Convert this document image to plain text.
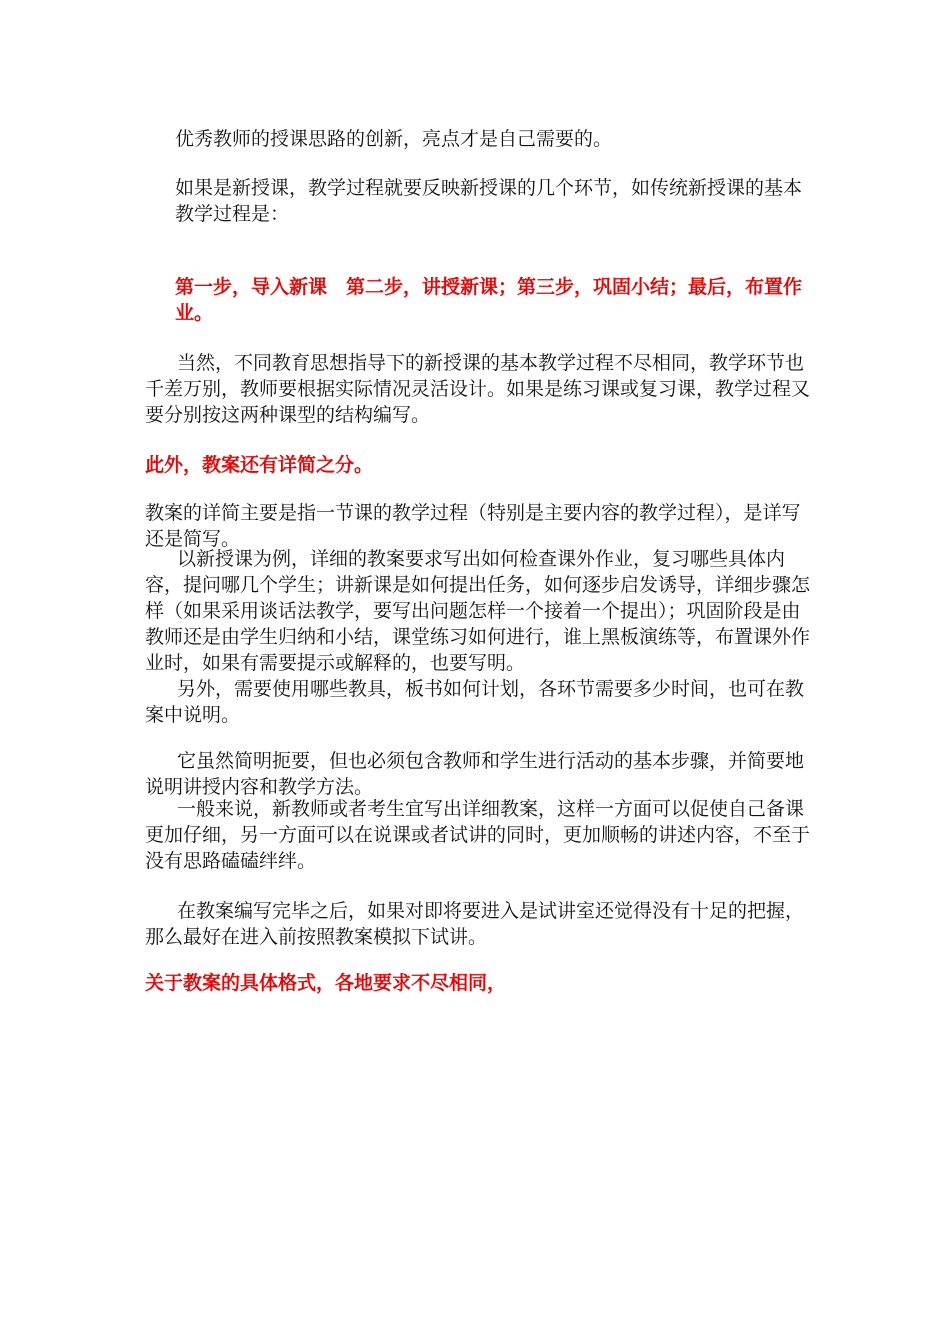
优秀教师的授课思路的创新，亮点才是自己需要的。

如果是新授课，教学过程就要反映新授课的几个环节，如传统新授课的基本教学过程是：

第一步，导入新课　第二步，讲授新课；第三步，巩固小结；最后，布置作业。

当然，不同教育思想指导下的新授课的基本教学过程不尽相同，教学环节也千差万别，教师要根据实际情况灵活设计。如果是练习课或复习课，教学过程又要分别按这两种课型的结构编写。

此外，教案还有详简之分。

教案的详简主要是指一节课的教学过程（特别是主要内容的教学过程），是详写还是简写。

以新授课为例，详细的教案要求写出如何检查课外作业，复习哪些具体内容，提问哪几个学生；讲新课是如何提出任务，如何逐步启发诱导，详细步骤怎样（如果采用谈话法教学，要写出问题怎样一个接着一个提出）；巩固阶段是由教师还是由学生归纳和小结，课堂练习如何进行，谁上黑板演练等，布置课外作业时，如果有需要提示或解释的，也要写明。

另外，需要使用哪些教具，板书如何计划，各环节需要多少时间，也可在教案中说明。

它虽然简明扼要，但也必须包含教师和学生进行活动的基本步骤，并简要地说明讲授内容和教学方法。

一般来说，新教师或者考生宜写出详细教案，这样一方面可以促使自己备课更加仔细，另一方面可以在说课或者试讲的同时，更加顺畅的讲述内容，不至于没有思路磕磕绊绊。

在教案编写完毕之后，如果对即将要进入是试讲室还觉得没有十足的把握，那么最好在进入前按照教案模拟下试讲。

关于教案的具体格式，各地要求不尽相同，
